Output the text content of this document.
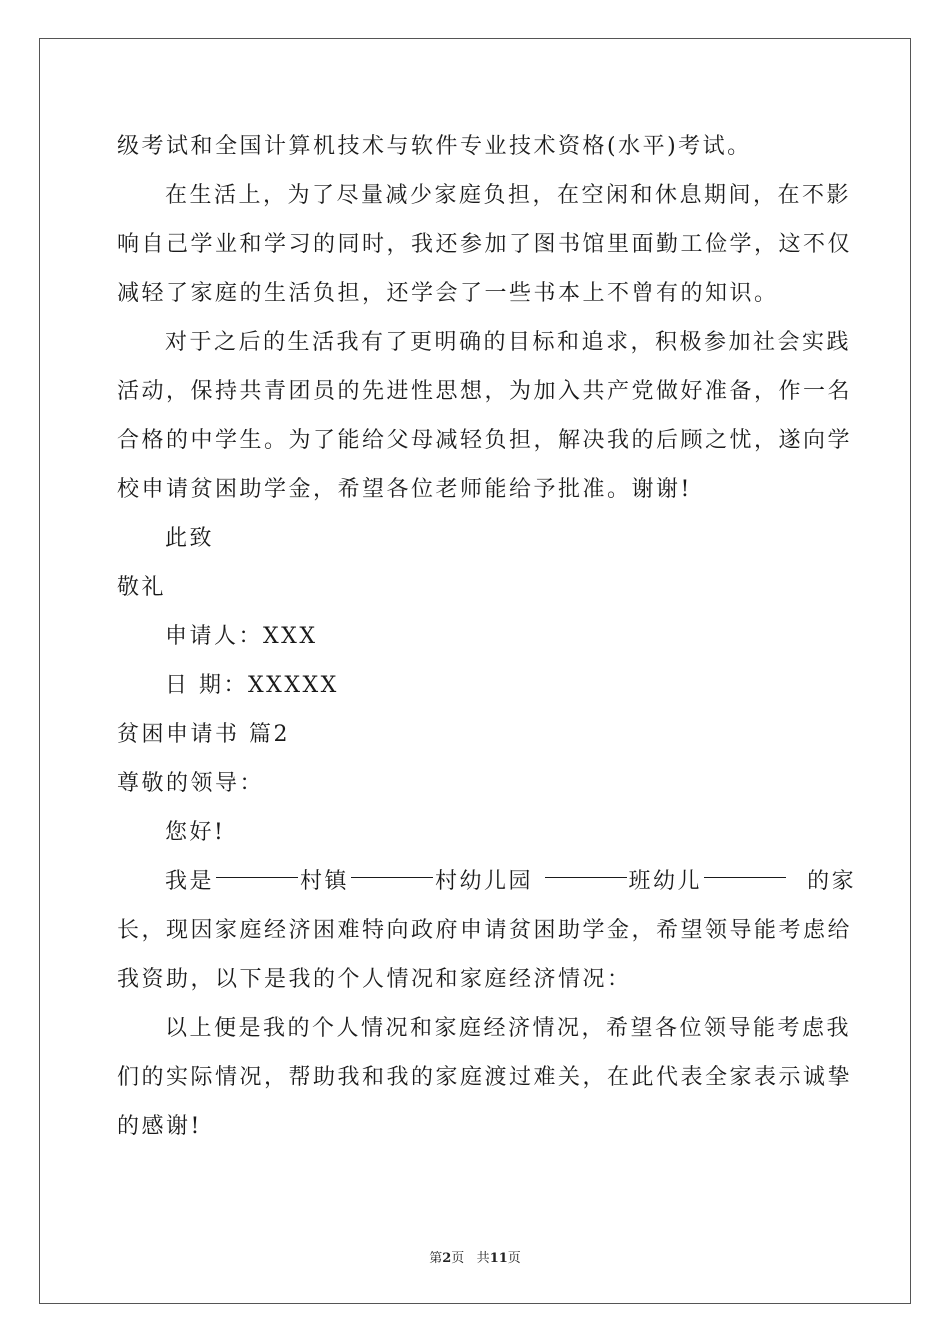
级考试和全国计算机技术与软件专业技术资格(水平)考试。
在生活上，为了尽量减少家庭负担，在空闲和休息期间，在不影
响自己学业和学习的同时，我还参加了图书馆里面勤工俭学，这不仅
减轻了家庭的生活负担，还学会了一些书本上不曾有的知识。
对于之后的生活我有了更明确的目标和追求，积极参加社会实践
活动，保持共青团员的先进性思想，为加入共产党做好准备，作一名
合格的中学生。为了能给父母减轻负担，解决我的后顾之忧，遂向学
校申请贫困助学金，希望各位老师能给予批准。谢谢!
此致
敬礼
申请人：XXX
日 期：XXXXX
贫困申请书 篇2
尊敬的领导：
您好!
我是	村镇	村幼儿园	班幼儿	的家
长，现因家庭经济困难特向政府申请贫困助学金，希望领导能考虑给
我资助，以下是我的个人情况和家庭经济情况：
以上便是我的个人情况和家庭经济情况，希望各位领导能考虑我
们的实际情况，帮助我和我的家庭渡过难关，在此代表全家表示诚挚
的感谢!
第2页 共11页
